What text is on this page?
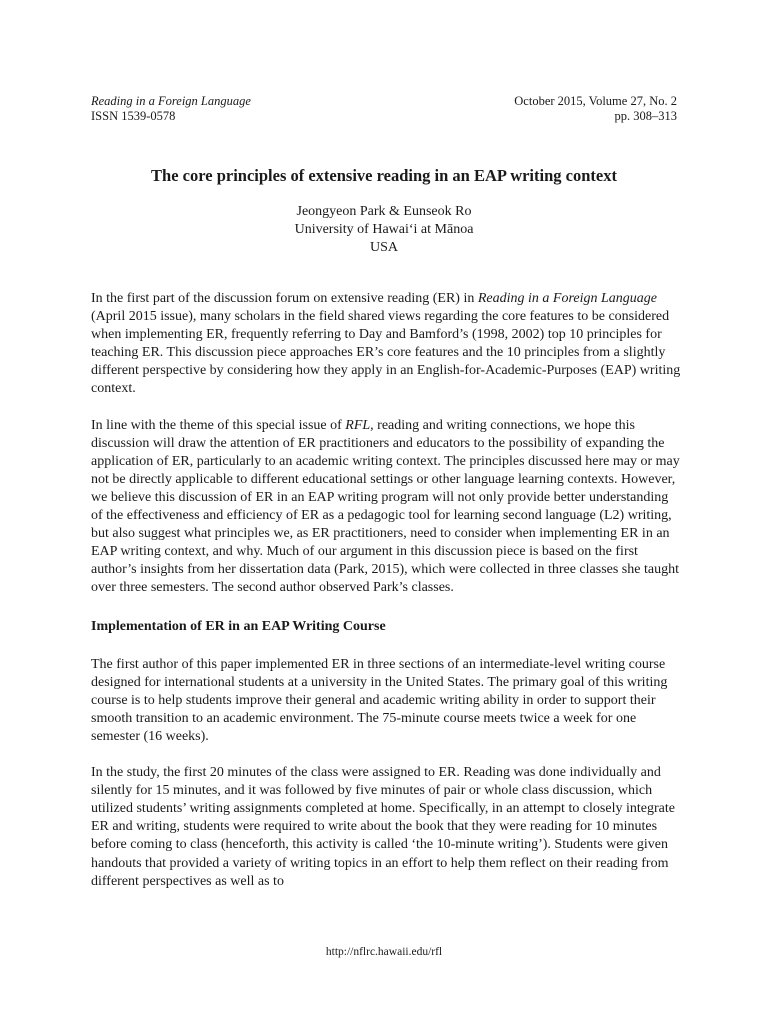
Reading in a Foreign Language
ISSN 1539-0578
October 2015, Volume 27, No. 2
pp. 308–313
The core principles of extensive reading in an EAP writing context
Jeongyeon Park & Eunseok Ro
University of Hawaiʻi at Mānoa
USA

In the first part of the discussion forum on extensive reading (ER) in Reading in a Foreign Language (April 2015 issue), many scholars in the field shared views regarding the core features to be considered when implementing ER, frequently referring to Day and Bamford’s (1998, 2002) top 10 principles for teaching ER. This discussion piece approaches ER’s core features and the 10 principles from a slightly different perspective by considering how they apply in an English-for-Academic-Purposes (EAP) writing context.

In line with the theme of this special issue of RFL, reading and writing connections, we hope this discussion will draw the attention of ER practitioners and educators to the possibility of expanding the application of ER, particularly to an academic writing context. The principles discussed here may or may not be directly applicable to different educational settings or other language learning contexts. However, we believe this discussion of ER in an EAP writing program will not only provide better understanding of the effectiveness and efficiency of ER as a pedagogic tool for learning second language (L2) writing, but also suggest what principles we, as ER practitioners, need to consider when implementing ER in an EAP writing context, and why. Much of our argument in this discussion piece is based on the first author’s insights from her dissertation data (Park, 2015), which were collected in three classes she taught over three semesters. The second author observed Park’s classes.

Implementation of ER in an EAP Writing Course

The first author of this paper implemented ER in three sections of an intermediate-level writing course designed for international students at a university in the United States. The primary goal of this writing course is to help students improve their general and academic writing ability in order to support their smooth transition to an academic environment. The 75-minute course meets twice a week for one semester (16 weeks).

In the study, the first 20 minutes of the class were assigned to ER. Reading was done individually and silently for 15 minutes, and it was followed by five minutes of pair or whole class discussion, which utilized students’ writing assignments completed at home. Specifically, in an attempt to closely integrate ER and writing, students were required to write about the book that they were reading for 10 minutes before coming to class (henceforth, this activity is called ‘the 10-minute writing’). Students were given handouts that provided a variety of writing topics in an effort to help them reflect on their reading from different perspectives as well as to

http://nflrc.hawaii.edu/rfl
